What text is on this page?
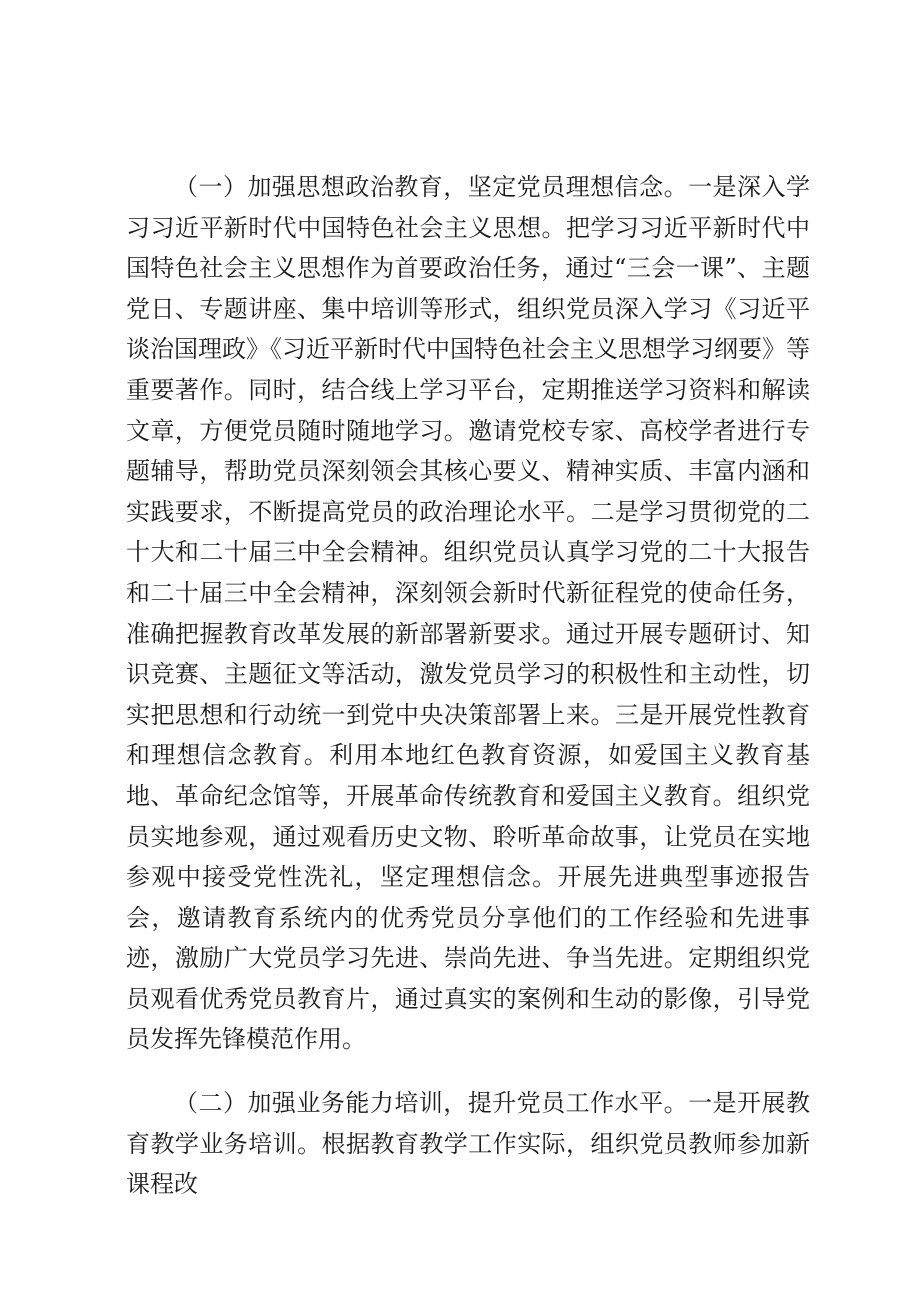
（一）加强思想政治教育，坚定党员理想信念。一是深入学习习近平新时代中国特色社会主义思想。把学习习近平新时代中国特色社会主义思想作为首要政治任务，通过“三会一课”、主题党日、专题讲座、集中培训等形式，组织党员深入学习《习近平谈治国理政》《习近平新时代中国特色社会主义思想学习纲要》等重要著作。同时，结合线上学习平台，定期推送学习资料和解读文章，方便党员随时随地学习。邀请党校专家、高校学者进行专题辅导，帮助党员深刻领会其核心要义、精神实质、丰富内涵和实践要求，不断提高党员的政治理论水平。二是学习贯彻党的二十大和二十届三中全会精神。组织党员认真学习党的二十大报告和二十届三中全会精神，深刻领会新时代新征程党的使命任务，准确把握教育改革发展的新部署新要求。通过开展专题研讨、知识竞赛、主题征文等活动，激发党员学习的积极性和主动性，切实把思想和行动统一到党中央决策部署上来。三是开展党性教育和理想信念教育。利用本地红色教育资源，如爱国主义教育基地、革命纪念馆等，开展革命传统教育和爱国主义教育。组织党员实地参观，通过观看历史文物、聆听革命故事，让党员在实地参观中接受党性洗礼，坚定理想信念。开展先进典型事迹报告会，邀请教育系统内的优秀党员分享他们的工作经验和先进事迹，激励广大党员学习先进、崇尚先进、争当先进。定期组织党员观看优秀党员教育片，通过真实的案例和生动的影像，引导党员发挥先锋模范作用。

（二）加强业务能力培训，提升党员工作水平。一是开展教育教学业务培训。根据教育教学工作实际，组织党员教师参加新课程改
